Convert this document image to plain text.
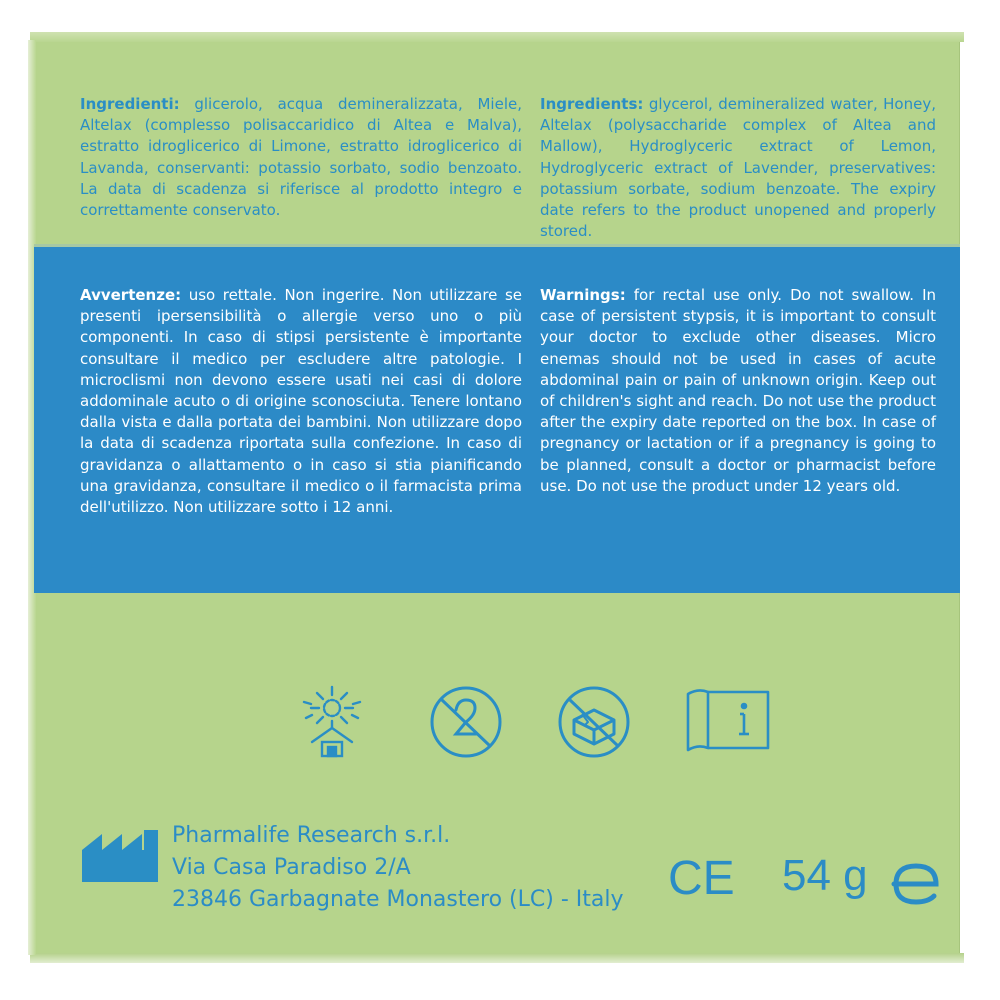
Ingredienti: glicerolo, acqua demineralizzata, Miele, Altelax (complesso polisaccaridico di Altea e Malva), estratto idroglicerico di Limone, estratto idroglicerico di Lavanda, conservanti: potassio sorbato, sodio benzoato. La data di scadenza si riferisce al prodotto integro e correttamente conservato.
Ingredients: glycerol, demineralized water, Honey, Altelax (polysaccharide complex of Altea and Mallow), Hydroglyceric extract of Lemon, Hydroglyceric extract of Lavender, preservatives: potassium sorbate, sodium benzoate. The expiry date refers to the product unopened and properly stored.
Avvertenze: uso rettale. Non ingerire. Non utilizzare se presenti ipersensibilità o allergie verso uno o più componenti. In caso di stipsi persistente è importante consultare il medico per escludere altre patologie. I microclismi non devono essere usati nei casi di dolore addominale acuto o di origine sconosciuta. Tenere lontano dalla vista e dalla portata dei bambini. Non utilizzare dopo la data di scadenza riportata sulla confezione. In caso di gravidanza o allattamento o in caso si stia pianificando una gravidanza, consultare il medico o il farmacista prima dell'utilizzo. Non utilizzare sotto i 12 anni.
Warnings: for rectal use only. Do not swallow. In case of persistent stypsis, it is important to consult your doctor to exclude other diseases. Micro enemas should not be used in cases of acute abdominal pain or pain of unknown origin. Keep out of children's sight and reach. Do not use the product after the expiry date reported on the box. In case of pregnancy or lactation or if a pregnancy is going to be planned, consult a doctor or pharmacist before use. Do not use the product under 12 years old.
Pharmalife Research s.r.l.
Via Casa Paradiso 2/A
23846 Garbagnate Monastero (LC) - Italy CE 54 g
